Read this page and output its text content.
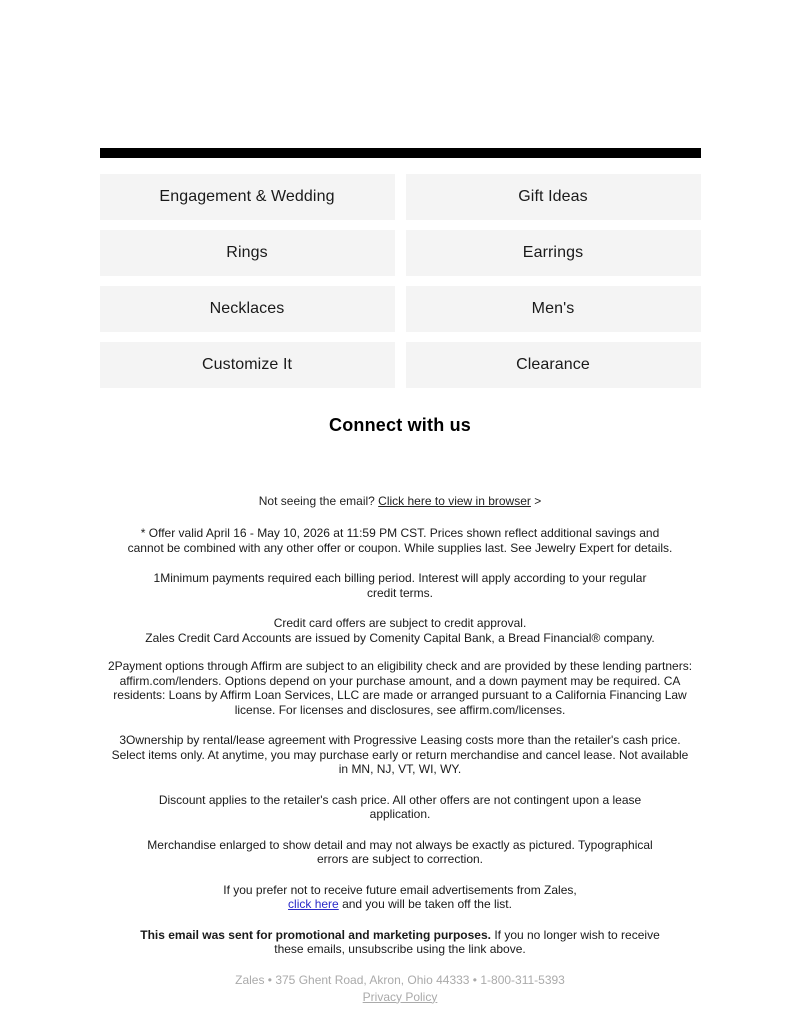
Engagement & Wedding	Gift Ideas
Rings	Earrings
Necklaces	Men's
Customize It	Clearance
Connect with us
Not seeing the email? Click here to view in browser >

* Offer valid April 16 - May 10, 2026 at 11:59 PM CST. Prices shown reflect additional savings and cannot be combined with any other offer or coupon. While supplies last. See Jewelry Expert for details.

1Minimum payments required each billing period. Interest will apply according to your regular credit terms.

Credit card offers are subject to credit approval.
Zales Credit Card Accounts are issued by Comenity Capital Bank, a Bread Financial® company.

2Payment options through Affirm are subject to an eligibility check and are provided by these lending partners: affirm.com/lenders. Options depend on your purchase amount, and a down payment may be required. CA residents: Loans by Affirm Loan Services, LLC are made or arranged pursuant to a California Financing Law license. For licenses and disclosures, see affirm.com/licenses.

3Ownership by rental/lease agreement with Progressive Leasing costs more than the retailer's cash price. Select items only. At anytime, you may purchase early or return merchandise and cancel lease. Not available in MN, NJ, VT, WI, WY.

Discount applies to the retailer's cash price. All other offers are not contingent upon a lease application.

Merchandise enlarged to show detail and may not always be exactly as pictured. Typographical errors are subject to correction.

If you prefer not to receive future email advertisements from Zales,
click here and you will be taken off the list.

This email was sent for promotional and marketing purposes. If you no longer wish to receive these emails, unsubscribe using the link above.

Zales • 375 Ghent Road, Akron, Ohio 44333 • 1-800-311-5393
Privacy Policy
